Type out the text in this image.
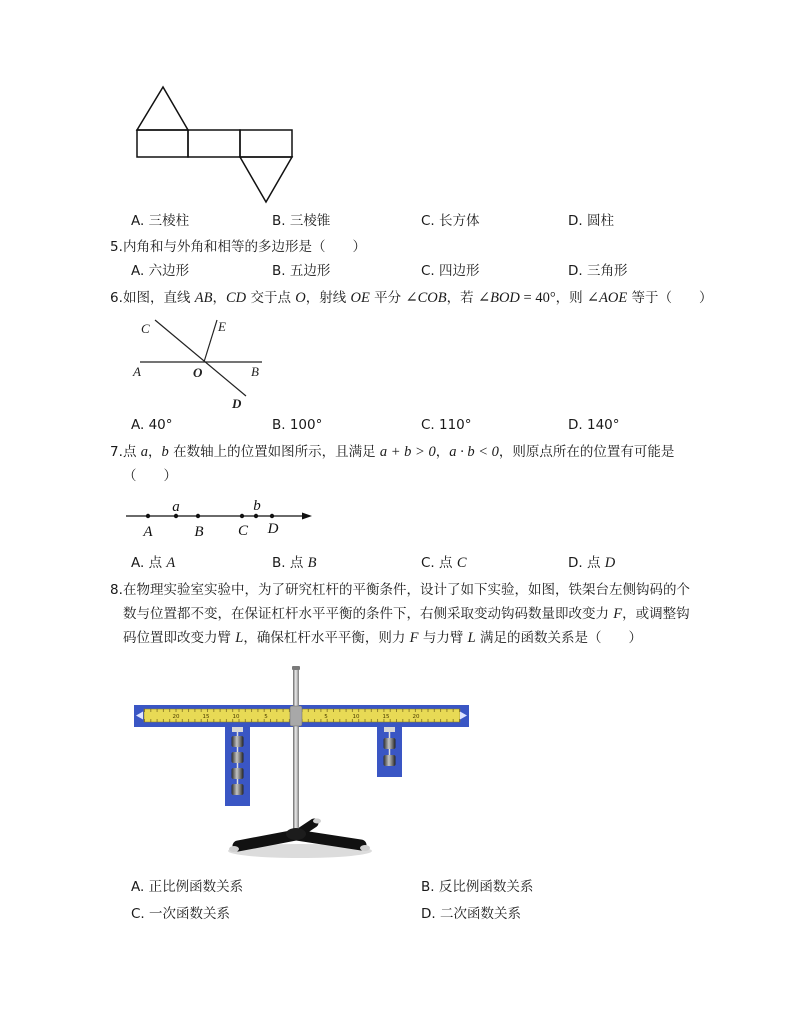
A. 三棱柱	B. 三棱锥	C. 长方体	D. 圆柱
5.内角和与外角和相等的多边形是（　　）
A. 六边形	B. 五边形	C. 四边形	D. 三角形
6.如图，直线 AB，CD 交于点 O，射线 OE 平分 ∠COB，若 ∠BOD = 40°，则 ∠AOE 等于（　　）
C	E
A	O	B
D
A. 40°	B. 100°	C. 110°	D. 140°
7.点 a，b 在数轴上的位置如图所示，且满足 a + b > 0，a · b < 0，则原点所在的位置有可能是
（　　）
A
a
B C
b
D
A. 点 A	B. 点 B	C. 点 C	D. 点 D
8.在物理实验室实验中，为了研究杠杆的平衡条件，设计了如下实验，如图，铁架台左侧钩码的个
数与位置都不变，在保证杠杆水平平衡的条件下，右侧采取变动钩码数量即改变力 F，或调整钩
码位置即改变力臂 L，确保杠杆水平平衡，则力 F 与力臂 L 满足的函数关系是（　　）
20	15	10	5	5	10	15	20
A. 正比例函数关系	B. 反比例函数关系
C. 一次函数关系	D. 二次函数关系
